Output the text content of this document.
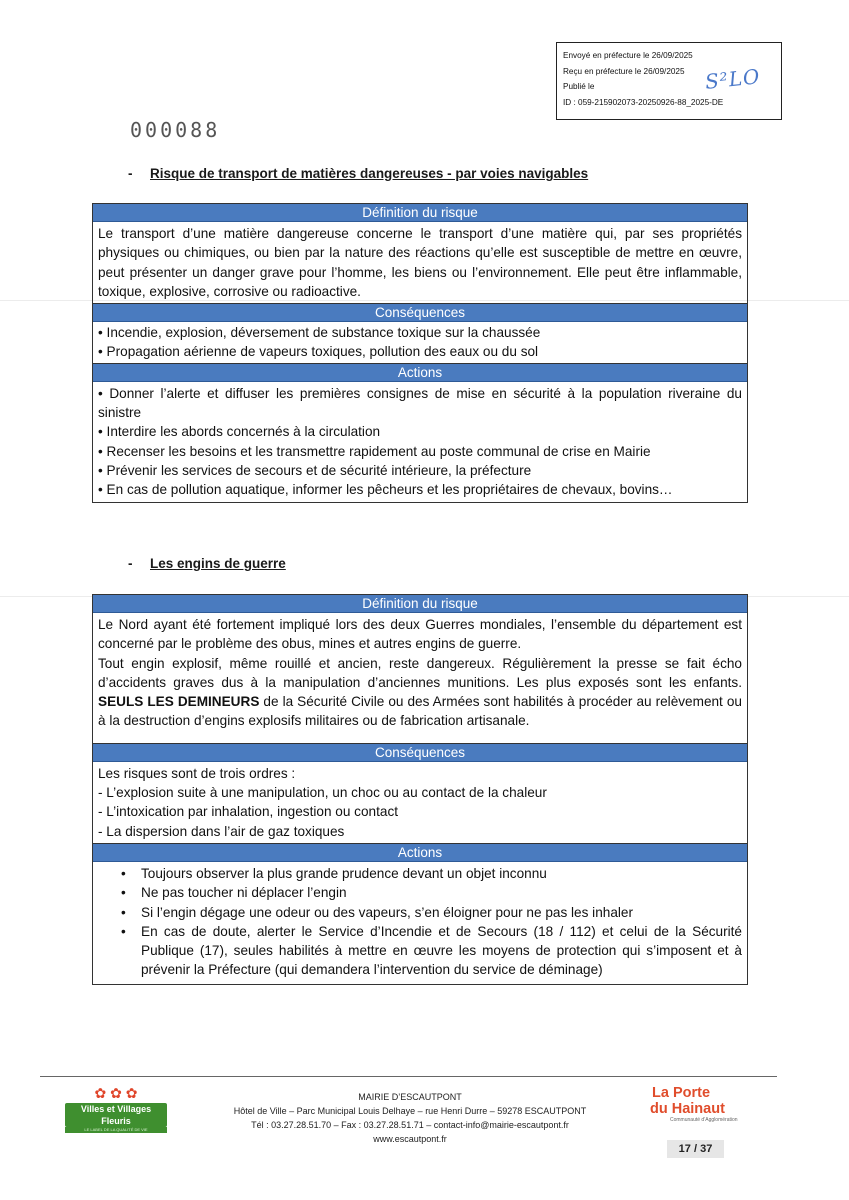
Envoyé en préfecture le 26/09/2025
Reçu en préfecture le 26/09/2025
Publié le
ID : 059-215902073-20250926-88_2025-DE
S²LO
000088
- Risque de transport de matières dangereuses - par voies navigables
Définition du risque
Le transport d’une matière dangereuse concerne le transport d’une matière qui, par ses propriétés physiques ou chimiques, ou bien par la nature des réactions qu’elle est susceptible de mettre en œuvre, peut présenter un danger grave pour l’homme, les biens ou l’environnement. Elle peut être inflammable, toxique, explosive, corrosive ou radioactive.
Conséquences
• Incendie, explosion, déversement de substance toxique sur la chaussée
• Propagation aérienne de vapeurs toxiques, pollution des eaux ou du sol
Actions
• Donner l’alerte et diffuser les premières consignes de mise en sécurité à la population riveraine du sinistre
• Interdire les abords concernés à la circulation
• Recenser les besoins et les transmettre rapidement au poste communal de crise en Mairie
• Prévenir les services de secours et de sécurité intérieure, la préfecture
• En cas de pollution aquatique, informer les pêcheurs et les propriétaires de chevaux, bovins…
- Les engins de guerre
Définition du risque

Le Nord ayant été fortement impliqué lors des deux Guerres mondiales, l’ensemble du département est concerné par le problème des obus, mines et autres engins de guerre.

Tout engin explosif, même rouillé et ancien, reste dangereux. Régulièrement la presse se fait écho d’accidents graves dus à la manipulation d’anciennes munitions. Les plus exposés sont les enfants. SEULS LES DEMINEURS de la Sécurité Civile ou des Armées sont habilités à procéder au relèvement ou à la destruction d’engins explosifs militaires ou de fabrication artisanale.

Conséquences
Les risques sont de trois ordres :
- L’explosion suite à une manipulation, un choc ou au contact de la chaleur
- L’intoxication par inhalation, ingestion ou contact
- La dispersion dans l’air de gaz toxiques
Actions
• Toujours observer la plus grande prudence devant un objet inconnu
• Ne pas toucher ni déplacer l’engin
• Si l’engin dégage une odeur ou des vapeurs, s’en éloigner pour ne pas les inhaler
• En cas de doute, alerter le Service d’Incendie et de Secours (18 / 112) et celui de la Sécurité Publique (17), seules habilités à mettre en œuvre les moyens de protection qui s’imposent et à prévenir la Préfecture (qui demandera l’intervention du service de déminage)
✿ ✿ ✿
Villes et Villages Fleuris
LE LABEL DE LA QUALITÉ DE VIE
MAIRIE D’ESCAUTPONT
Hôtel de Ville – Parc Municipal Louis Delhaye – rue Henri Durre – 59278 ESCAUTPONT
Tél : 03.27.28.51.70 – Fax : 03.27.28.51.71 – contact-info@mairie-escautpont.fr
www.escautpont.fr
La Porte
du Hainaut
Communauté d’Agglomération
17 / 37
